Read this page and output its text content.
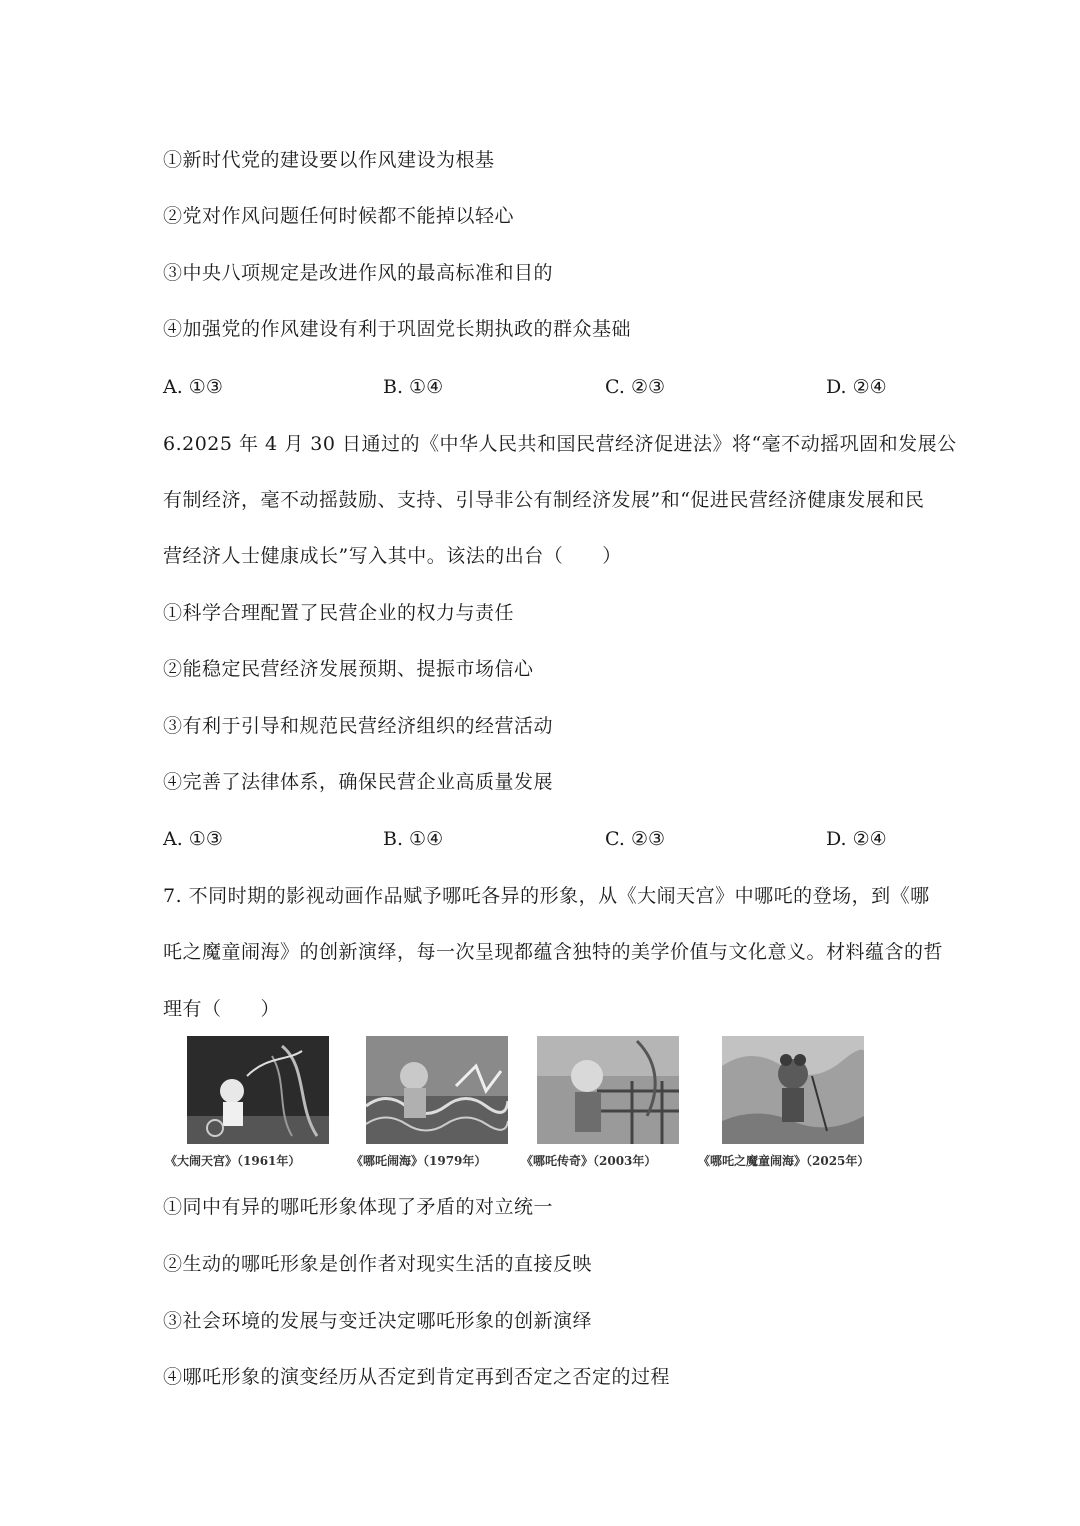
①新时代党的建设要以作风建设为根基
②党对作风问题任何时候都不能掉以轻心
③中央八项规定是改进作风的最高标准和目的
④加强党的作风建设有利于巩固党长期执政的群众基础
A. ①③	B. ①④	C. ②③	D. ②④
6.2025 年 4 月 30 日通过的《中华人民共和国民营经济促进法》将“毫不动摇巩固和发展公
有制经济，毫不动摇鼓励、支持、引导非公有制经济发展”和“促进民营经济健康发展和民
营经济人士健康成长”写入其中。该法的出台（　　）
①科学合理配置了民营企业的权力与责任
②能稳定民营经济发展预期、提振市场信心
③有利于引导和规范民营经济组织的经营活动
④完善了法律体系，确保民营企业高质量发展
A. ①③	B. ①④	C. ②③	D. ②④
7. 不同时期的影视动画作品赋予哪吒各异的形象，从《大闹天宫》中哪吒的登场，到《哪
吒之魔童闹海》的创新演绎，每一次呈现都蕴含独特的美学价值与文化意义。材料蕴含的哲
理有（　　）
《大闹天宫》（1961年）	《哪吒闹海》（1979年）	《哪吒传奇》（2003年）	《哪吒之魔童闹海》（2025年）
①同中有异的哪吒形象体现了矛盾的对立统一
②生动的哪吒形象是创作者对现实生活的直接反映
③社会环境的发展与变迁决定哪吒形象的创新演绎
④哪吒形象的演变经历从否定到肯定再到否定之否定的过程
